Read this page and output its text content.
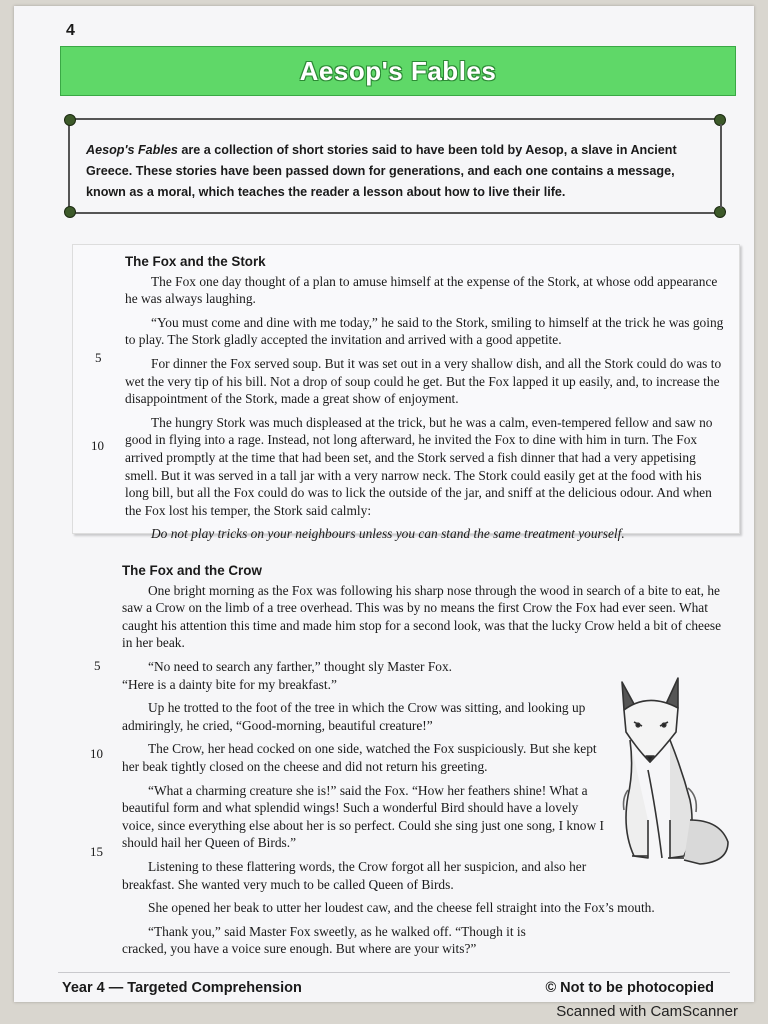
4
Aesop's Fables
Aesop's Fables are a collection of short stories said to have been told by Aesop, a slave in Ancient Greece. These stories have been passed down for generations, and each one contains a message, known as a moral, which teaches the reader a lesson about how to live their life.

The Fox and the Stork

The Fox one day thought of a plan to amuse himself at the expense of the Stork, at whose odd appearance he was always laughing.

“You must come and dine with me today,” he said to the Stork, smiling to himself at the trick he was going to play. The Stork gladly accepted the invitation and arrived with a good appetite.

For dinner the Fox served soup. But it was set out in a very shallow dish, and all the Stork could do was to wet the very tip of his bill. Not a drop of soup could he get. But the Fox lapped it up easily, and, to increase the disappointment of the Stork, made a great show of enjoyment.

The hungry Stork was much displeased at the trick, but he was a calm, even-tempered fellow and saw no good in flying into a rage. Instead, not long afterward, he invited the Fox to dine with him in turn. The Fox arrived promptly at the time that had been set, and the Stork served a fish dinner that had a very appetising smell. But it was served in a tall jar with a very narrow neck. The Stork could easily get at the food with his long bill, but all the Fox could do was to lick the outside of the jar, and sniff at the delicious odour. And when the Fox lost his temper, the Stork said calmly:

Do not play tricks on your neighbours unless you can stand the same treatment yourself.

5
10

The Fox and the Crow

One bright morning as the Fox was following his sharp nose through the wood in search of a bite to eat, he saw a Crow on the limb of a tree overhead. This was by no means the first Crow the Fox had ever seen. What caught his attention this time and made him stop for a second look, was that the lucky Crow held a bit of cheese in her beak.

“No need to search any farther,” thought sly Master Fox.

“Here is a dainty bite for my breakfast.”

Up he trotted to the foot of the tree in which the Crow was sitting, and looking up admiringly, he cried, “Good-morning, beautiful creature!”

The Crow, her head cocked on one side, watched the Fox suspiciously. But she kept her beak tightly closed on the cheese and did not return his greeting.

“What a charming creature she is!” said the Fox. “How her feathers shine! What a beautiful form and what splendid wings! Such a wonderful Bird should have a lovely voice, since everything else about her is so perfect. Could she sing just one song, I know I should hail her Queen of Birds.”

Listening to these flattering words, the Crow forgot all her suspicion, and also her breakfast. She wanted very much to be called Queen of Birds.

She opened her beak to utter her loudest caw, and the cheese fell straight into the Fox’s mouth.

“Thank you,” said Master Fox sweetly, as he walked off. “Though it is cracked, you have a voice sure enough. But where are your wits?”

5
10
15
Year 4 — Targeted Comprehension	© Not to be photocopied
Scanned with CamScanner
